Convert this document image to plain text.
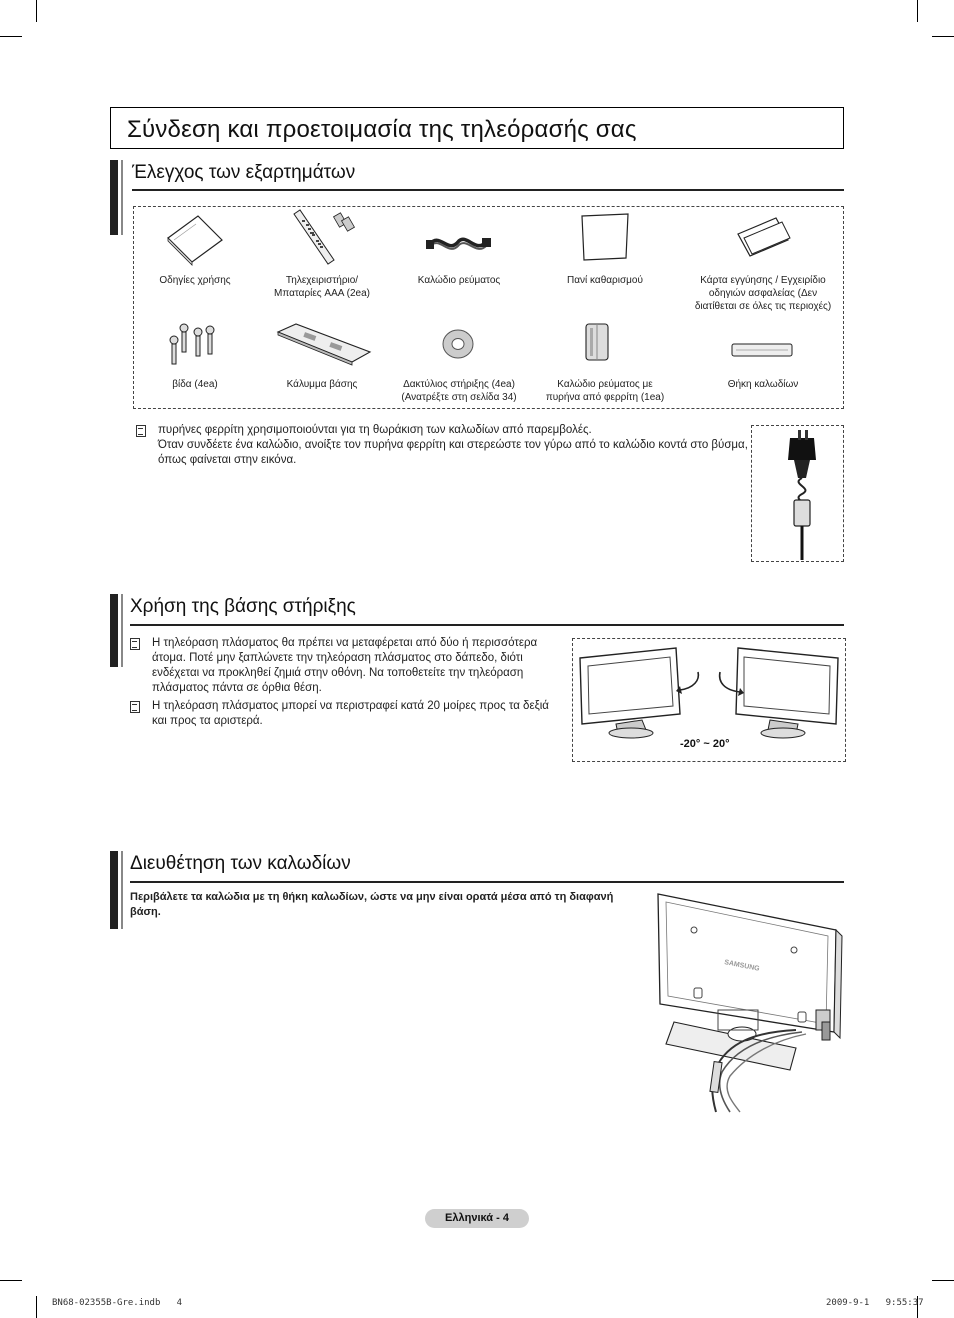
Σύνδεση και προετοιμασία της τηλεόρασής σας
Έλεγχος των εξαρτημάτων
Οδηγίες χρήσης	Τηλεχειριστήριο/
Μπαταρίες AAA (2ea)
Καλώδιο ρεύματος	Πανί καθαρισμού	Κάρτα εγγύησης / Εγχειρίδιο
οδηγιών ασφαλείας (Δεν
διατίθεται σε όλες τις περιοχές)
βίδα (4ea)	Κάλυμμα βάσης	Δακτύλιος στήριξης (4ea)
(Ανατρέξτε στη σελίδα 34)
Καλώδιο ρεύματος με
πυρήνα από φερρίτη (1ea)
Θήκη καλωδίων
πυρήνες φερρίτη χρησιμοποιούνται για τη θωράκιση των καλωδίων από παρεμβολές.
Όταν συνδέετε ένα καλώδιο, ανοίξτε τον πυρήνα φερρίτη και στερεώστε τον γύρω από το καλώδιο κοντά στο βύσμα, όπως φαίνεται στην εικόνα.
Χρήση της βάσης στήριξης
Η τηλεόραση πλάσματος θα πρέπει να μεταφέρεται από δύο ή περισσότερα άτομα. Ποτέ μην ξαπλώνετε την τηλεόραση πλάσματος στο δάπεδο, διότι ενδέχεται να προκληθεί ζημιά στην οθόνη. Να τοποθετείτε την τηλεόραση πλάσματος πάντα σε όρθια θέση.
Η τηλεόραση πλάσματος μπορεί να περιστραφεί κατά 20 μοίρες προς τα δεξιά και προς τα αριστερά.
-20° ~ 20°
Διευθέτηση των καλωδίων
Περιβάλετε τα καλώδια με τη θήκη καλωδίων, ώστε να μην είναι ορατά μέσα από τη διαφανή βάση.
SAMSUNG
Ελληνικά - 4
BN68-02355B-Gre.indb   4	2009-9-1   9:55:37
